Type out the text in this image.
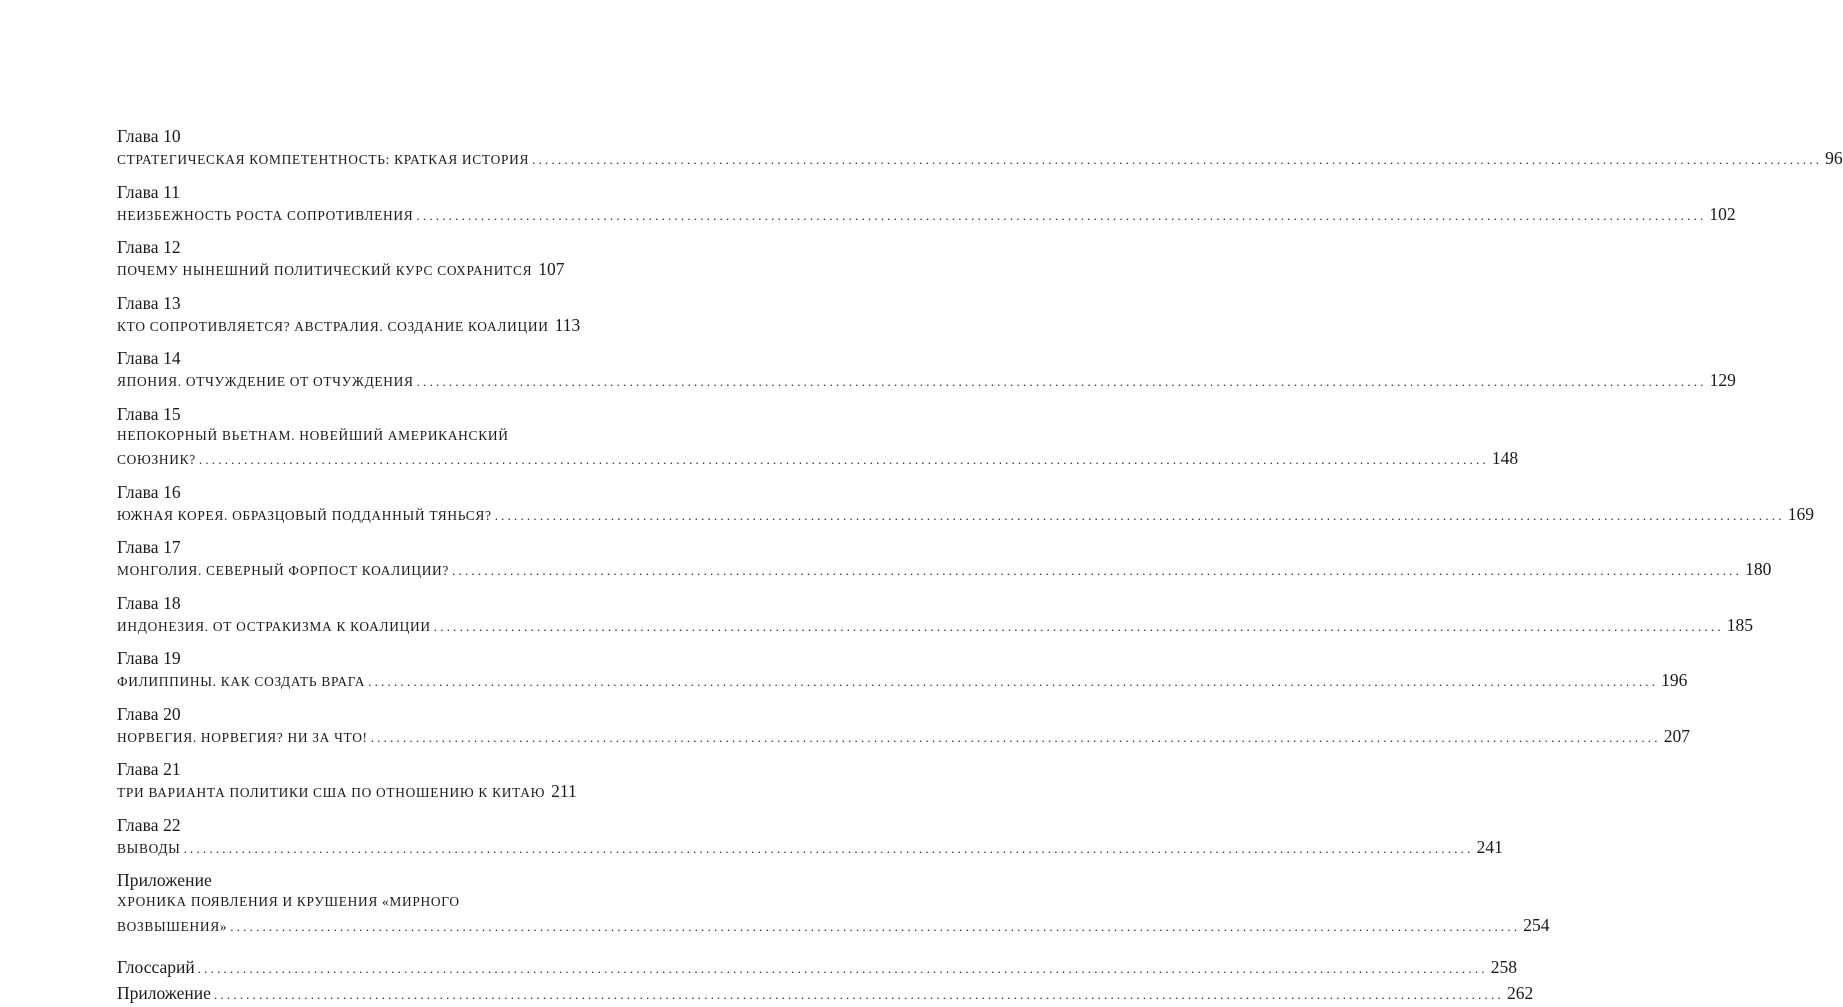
Глава 10
СТРАТЕГИЧЕСКАЯ КОМПЕТЕНТНОСТЬ: КРАТКАЯ ИСТОРИЯ ........................................................................................................................................................................................................ 96
Глава 11
НЕИЗБЕЖНОСТЬ РОСТА СОПРОТИВЛЕНИЯ ........................................................................................................................................................................................................ 102
Глава 12
ПОЧЕМУ НЫНЕШНИЙ ПОЛИТИЧЕСКИЙ КУРС СОХРАНИТСЯ 107
Глава 13
КТО СОПРОТИВЛЯЕТСЯ? АВСТРАЛИЯ. СОЗДАНИЕ КОАЛИЦИИ 113
Глава 14
ЯПОНИЯ. ОТЧУЖДЕНИЕ ОТ ОТЧУЖДЕНИЯ ........................................................................................................................................................................................................ 129
Глава 15
НЕПОКОРНЫЙ ВЬЕТНАМ. НОВЕЙШИЙ АМЕРИКАНСКИЙ
СОЮЗНИК? ........................................................................................................................................................................................................ 148
Глава 16
ЮЖНАЯ КОРЕЯ. ОБРАЗЦОВЫЙ ПОДДАННЫЙ ТЯНЬСЯ? ........................................................................................................................................................................................................ 169
Глава 17
МОНГОЛИЯ. СЕВЕРНЫЙ ФОРПОСТ КОАЛИЦИИ? ........................................................................................................................................................................................................ 180
Глава 18
ИНДОНЕЗИЯ. ОТ ОСТРАКИЗМА К КОАЛИЦИИ ........................................................................................................................................................................................................ 185
Глава 19
ФИЛИППИНЫ. КАК СОЗДАТЬ ВРАГА ........................................................................................................................................................................................................ 196
Глава 20
НОРВЕГИЯ. НОРВЕГИЯ? НИ ЗА ЧТО! ........................................................................................................................................................................................................ 207
Глава 21
ТРИ ВАРИАНТА ПОЛИТИКИ США ПО ОТНОШЕНИЮ К КИТАЮ 211
Глава 22
ВЫВОДЫ ........................................................................................................................................................................................................ 241
Приложение
ХРОНИКА ПОЯВЛЕНИЯ И КРУШЕНИЯ «МИРНОГО
ВОЗВЫШЕНИЯ» ........................................................................................................................................................................................................ 254
Глоссарий ........................................................................................................................................................................................................ 258
Приложение ........................................................................................................................................................................................................ 262
